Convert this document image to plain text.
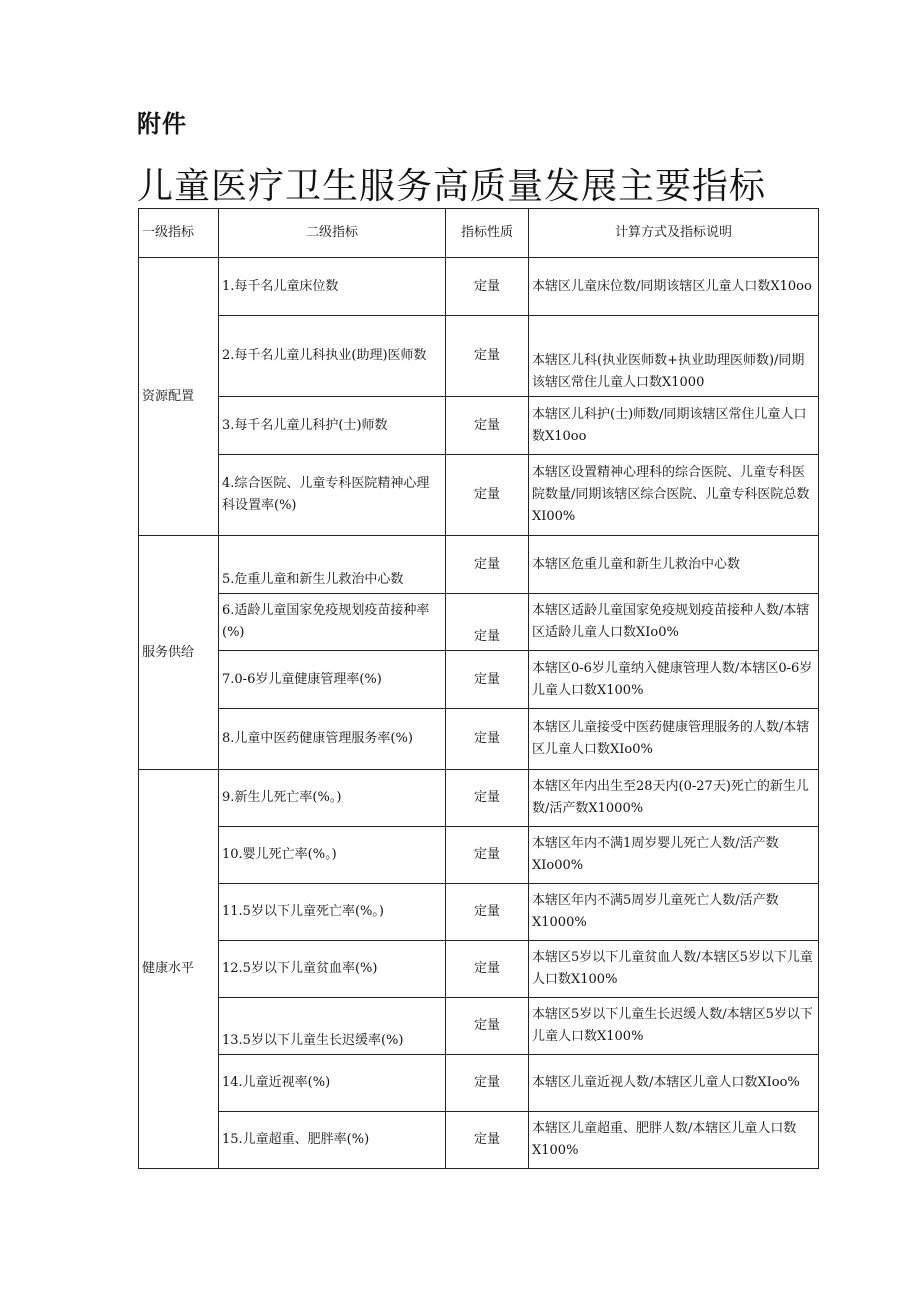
附件
儿童医疗卫生服务高质量发展主要指标
一级指标	二级指标	指标性质	计算方式及指标说明
资源配置	1.每千名儿童床位数	定量	本辖区儿童床位数/同期该辖区儿童人口数X10oo
	2.每千名儿童儿科执业(助理)医师数	定量	本辖区儿科(执业医师数+执业助理医师数)/同期该辖区常住儿童人口数X1000
	3.每千名儿童儿科护(士)师数	定量	本辖区儿科护(士)师数/同期该辖区常住儿童人口数X10oo
	4.综合医院、儿童专科医院精神心理科设置率(%)	定量	本辖区设置精神心理科的综合医院、儿童专科医院数量/同期该辖区综合医院、儿童专科医院总数XI00%
服务供给	5.危重儿童和新生儿救治中心数	定量	本辖区危重儿童和新生儿救治中心数
	6.适龄儿童国家免疫规划疫苗接种率(%)	定量	本辖区适龄儿童国家免疫规划疫苗接种人数/本辖区适龄儿童人口数XIo0%
	7.0-6岁儿童健康管理率(%)	定量	本辖区0-6岁儿童纳入健康管理人数/本辖区0-6岁儿童人口数X100%
	8.儿童中医药健康管理服务率(%)	定量	本辖区儿童接受中医药健康管理服务的人数/本辖区儿童人口数XIo0%
健康水平	9.新生儿死亡率(%。)	定量	本辖区年内出生至28天内(0-27天)死亡的新生儿数/活产数X1000%
	10.婴儿死亡率(%。)	定量	本辖区年内不满1周岁婴儿死亡人数/活产数XIo00%
	11.5岁以下儿童死亡率(%。)	定量	本辖区年内不满5周岁儿童死亡人数/活产数X1000%
	12.5岁以下儿童贫血率(%)	定量	本辖区5岁以下儿童贫血人数/本辖区5岁以下儿童人口数X100%
	13.5岁以下儿童生长迟缓率(%)	定量	本辖区5岁以下儿童生长迟缓人数/本辖区5岁以下儿童人口数X100%
	14.儿童近视率(%)	定量	本辖区儿童近视人数/本辖区儿童人口数XIoo%
	15.儿童超重、肥胖率(%)	定量	本辖区儿童超重、肥胖人数/本辖区儿童人口数X100%
